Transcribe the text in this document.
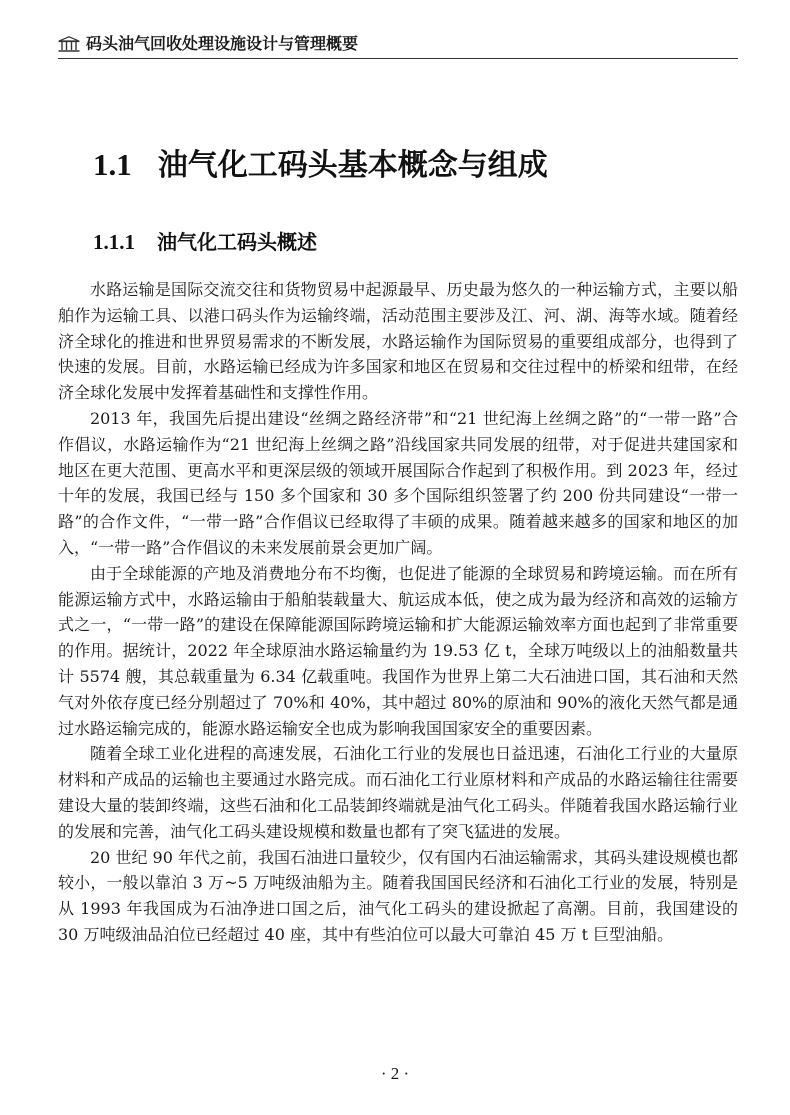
码头油气回收处理设施设计与管理概要
1.1 油气化工码头基本概念与组成
1.1.1 油气化工码头概述

水路运输是国际交流交往和货物贸易中起源最早、历史最为悠久的一种运输方式，主要以船舶作为运输工具、以港口码头作为运输终端，活动范围主要涉及江、河、湖、海等水域。随着经济全球化的推进和世界贸易需求的不断发展，水路运输作为国际贸易的重要组成部分，也得到了快速的发展。目前，水路运输已经成为许多国家和地区在贸易和交往过程中的桥梁和纽带，在经济全球化发展中发挥着基础性和支撑性作用。

2013 年，我国先后提出建设“丝绸之路经济带”和“21 世纪海上丝绸之路”的“一带一路”合作倡议，水路运输作为“21 世纪海上丝绸之路”沿线国家共同发展的纽带，对于促进共建国家和地区在更大范围、更高水平和更深层级的领域开展国际合作起到了积极作用。到 2023 年，经过十年的发展，我国已经与 150 多个国家和 30 多个国际组织签署了约 200 份共同建设“一带一路”的合作文件，“一带一路”合作倡议已经取得了丰硕的成果。随着越来越多的国家和地区的加入，“一带一路”合作倡议的未来发展前景会更加广阔。

由于全球能源的产地及消费地分布不均衡，也促进了能源的全球贸易和跨境运输。而在所有能源运输方式中，水路运输由于船舶装载量大、航运成本低，使之成为最为经济和高效的运输方式之一，“一带一路”的建设在保障能源国际跨境运输和扩大能源运输效率方面也起到了非常重要的作用。据统计，2022 年全球原油水路运输量约为 19.53 亿 t，全球万吨级以上的油船数量共计 5574 艘，其总载重量为 6.34 亿载重吨。我国作为世界上第二大石油进口国，其石油和天然气对外依存度已经分别超过了 70%和 40%，其中超过 80%的原油和 90%的液化天然气都是通过水路运输完成的，能源水路运输安全也成为影响我国国家安全的重要因素。

随着全球工业化进程的高速发展，石油化工行业的发展也日益迅速，石油化工行业的大量原材料和产成品的运输也主要通过水路完成。而石油化工行业原材料和产成品的水路运输往往需要建设大量的装卸终端，这些石油和化工品装卸终端就是油气化工码头。伴随着我国水路运输行业的发展和完善，油气化工码头建设规模和数量也都有了突飞猛进的发展。

20 世纪 90 年代之前，我国石油进口量较少，仅有国内石油运输需求，其码头建设规模也都较小，一般以靠泊 3 万~5 万吨级油船为主。随着我国国民经济和石油化工行业的发展，特别是从 1993 年我国成为石油净进口国之后，油气化工码头的建设掀起了高潮。目前，我国建设的 30 万吨级油品泊位已经超过 40 座，其中有些泊位可以最大可靠泊 45 万 t 巨型油船。

· 2 ·
